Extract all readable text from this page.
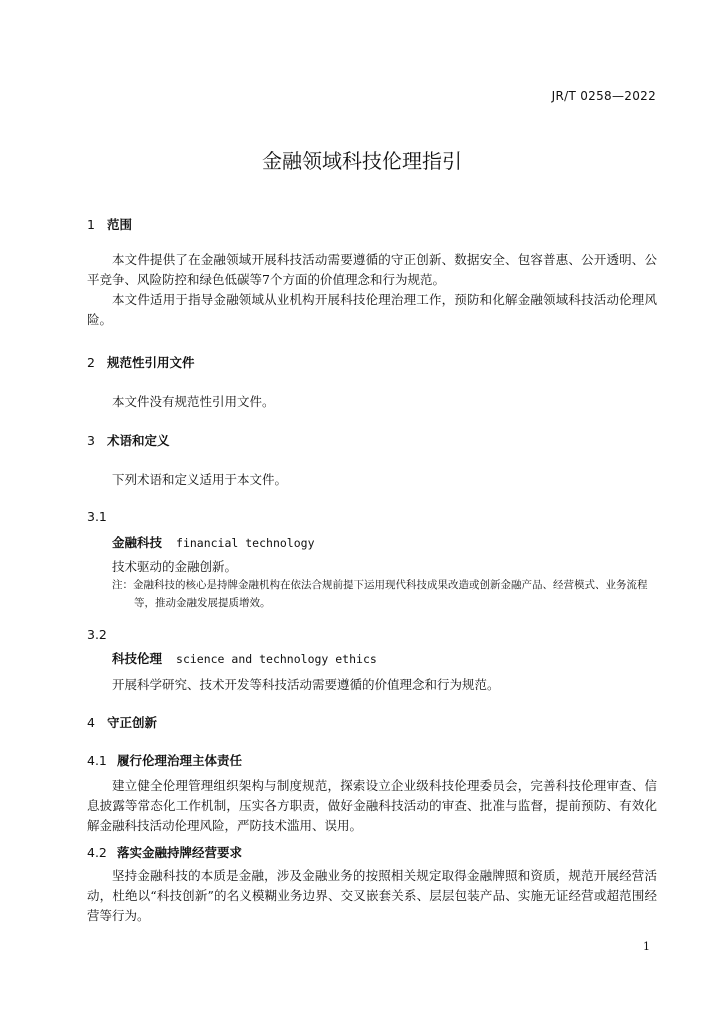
JR/T 0258—2022
金融领域科技伦理指引
1 范围

本文件提供了在金融领域开展科技活动需要遵循的守正创新、数据安全、包容普惠、公开透明、公平竞争、风险防控和绿色低碳等7个方面的价值理念和行为规范。

本文件适用于指导金融领域从业机构开展科技伦理治理工作，预防和化解金融领域科技活动伦理风险。

2 规范性引用文件

本文件没有规范性引用文件。

3 术语和定义

下列术语和定义适用于本文件。

3.1
金融科技 financial technology
技术驱动的金融创新。
注：金融科技的核心是持牌金融机构在依法合规前提下运用现代科技成果改造或创新金融产品、经营模式、业务流程等，推动金融发展提质增效。
3.2
科技伦理 science and technology ethics
开展科学研究、技术开发等科技活动需要遵循的价值理念和行为规范。
4 守正创新
4.1 履行伦理治理主体责任

建立健全伦理管理组织架构与制度规范，探索设立企业级科技伦理委员会，完善科技伦理审查、信息披露等常态化工作机制，压实各方职责，做好金融科技活动的审查、批准与监督，提前预防、有效化解金融科技活动伦理风险，严防技术滥用、误用。

4.2 落实金融持牌经营要求

坚持金融科技的本质是金融，涉及金融业务的按照相关规定取得金融牌照和资质，规范开展经营活动，杜绝以“科技创新”的名义模糊业务边界、交叉嵌套关系、层层包装产品、实施无证经营或超范围经营等行为。

1
